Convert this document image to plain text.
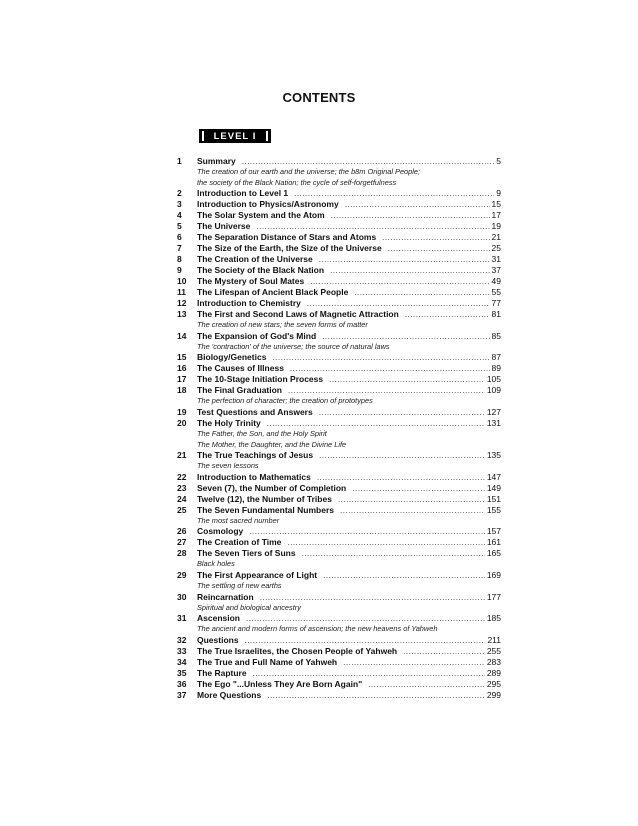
CONTENTS
LEVEL I
1	Summary .....	5
The creation of our earth and the universe; the b8m Original People;
the society of the Black Nation; the cycle of self-forgetfulness
2	Introduction to Level 1 .....	9
3	Introduction to Physics/Astronomy .....	15
4	The Solar System and the Atom .....	17
5	The Universe .....	19
6	The Separation Distance of Stars and Atoms .....	21
7	The Size of the Earth, the Size of the Universe .....	25
8	The Creation of the Universe .....	31
9	The Society of the Black Nation .....	37
10	The Mystery of Soul Mates .....	49
11	The Lifespan of Ancient Black People .....	55
12	Introduction to Chemistry .....	77
13	The First and Second Laws of Magnetic Attraction .....	81
The creation of new stars; the seven forms of matter
14	The Expansion of God's Mind .....	85
The 'contraction' of the universe; the source of natural laws
15	Biology/Genetics .....	87
16	The Causes of Illness .....	89
17	The 10-Stage Initiation Process .....	105
18	The Final Graduation .....	109
The perfection of character; the creation of prototypes
19	Test Questions and Answers .....	127
20	The Holy Trinity .....	131
The Father, the Son, and the Holy Spirit
The Mother, the Daughter, and the Divine Life
21	The True Teachings of Jesus .....	135
The seven lessons
22	Introduction to Mathematics .....	147
23	Seven (7), the Number of Completion .....	149
24	Twelve (12), the Number of Tribes .....	151
25	The Seven Fundamental Numbers .....	155
The most sacred number
26	Cosmology .....	157
27	The Creation of Time .....	161
28	The Seven Tiers of Suns .....	165
Black holes
29	The First Appearance of Light .....	169
The settling of new earths
30	Reincarnation .....	177
Spiritual and biological ancestry
31	Ascension .....	185
The ancient and modern forms of ascension; the new heavens of Yahweh
32	Questions .....	211
33	The True Israelites, the Chosen People of Yahweh .....	255
34	The True and Full Name of Yahweh .....	283
35	The Rapture .....	289
36	The Ego "...Unless They Are Born Again" .....	295
37	More Questions .....	299
